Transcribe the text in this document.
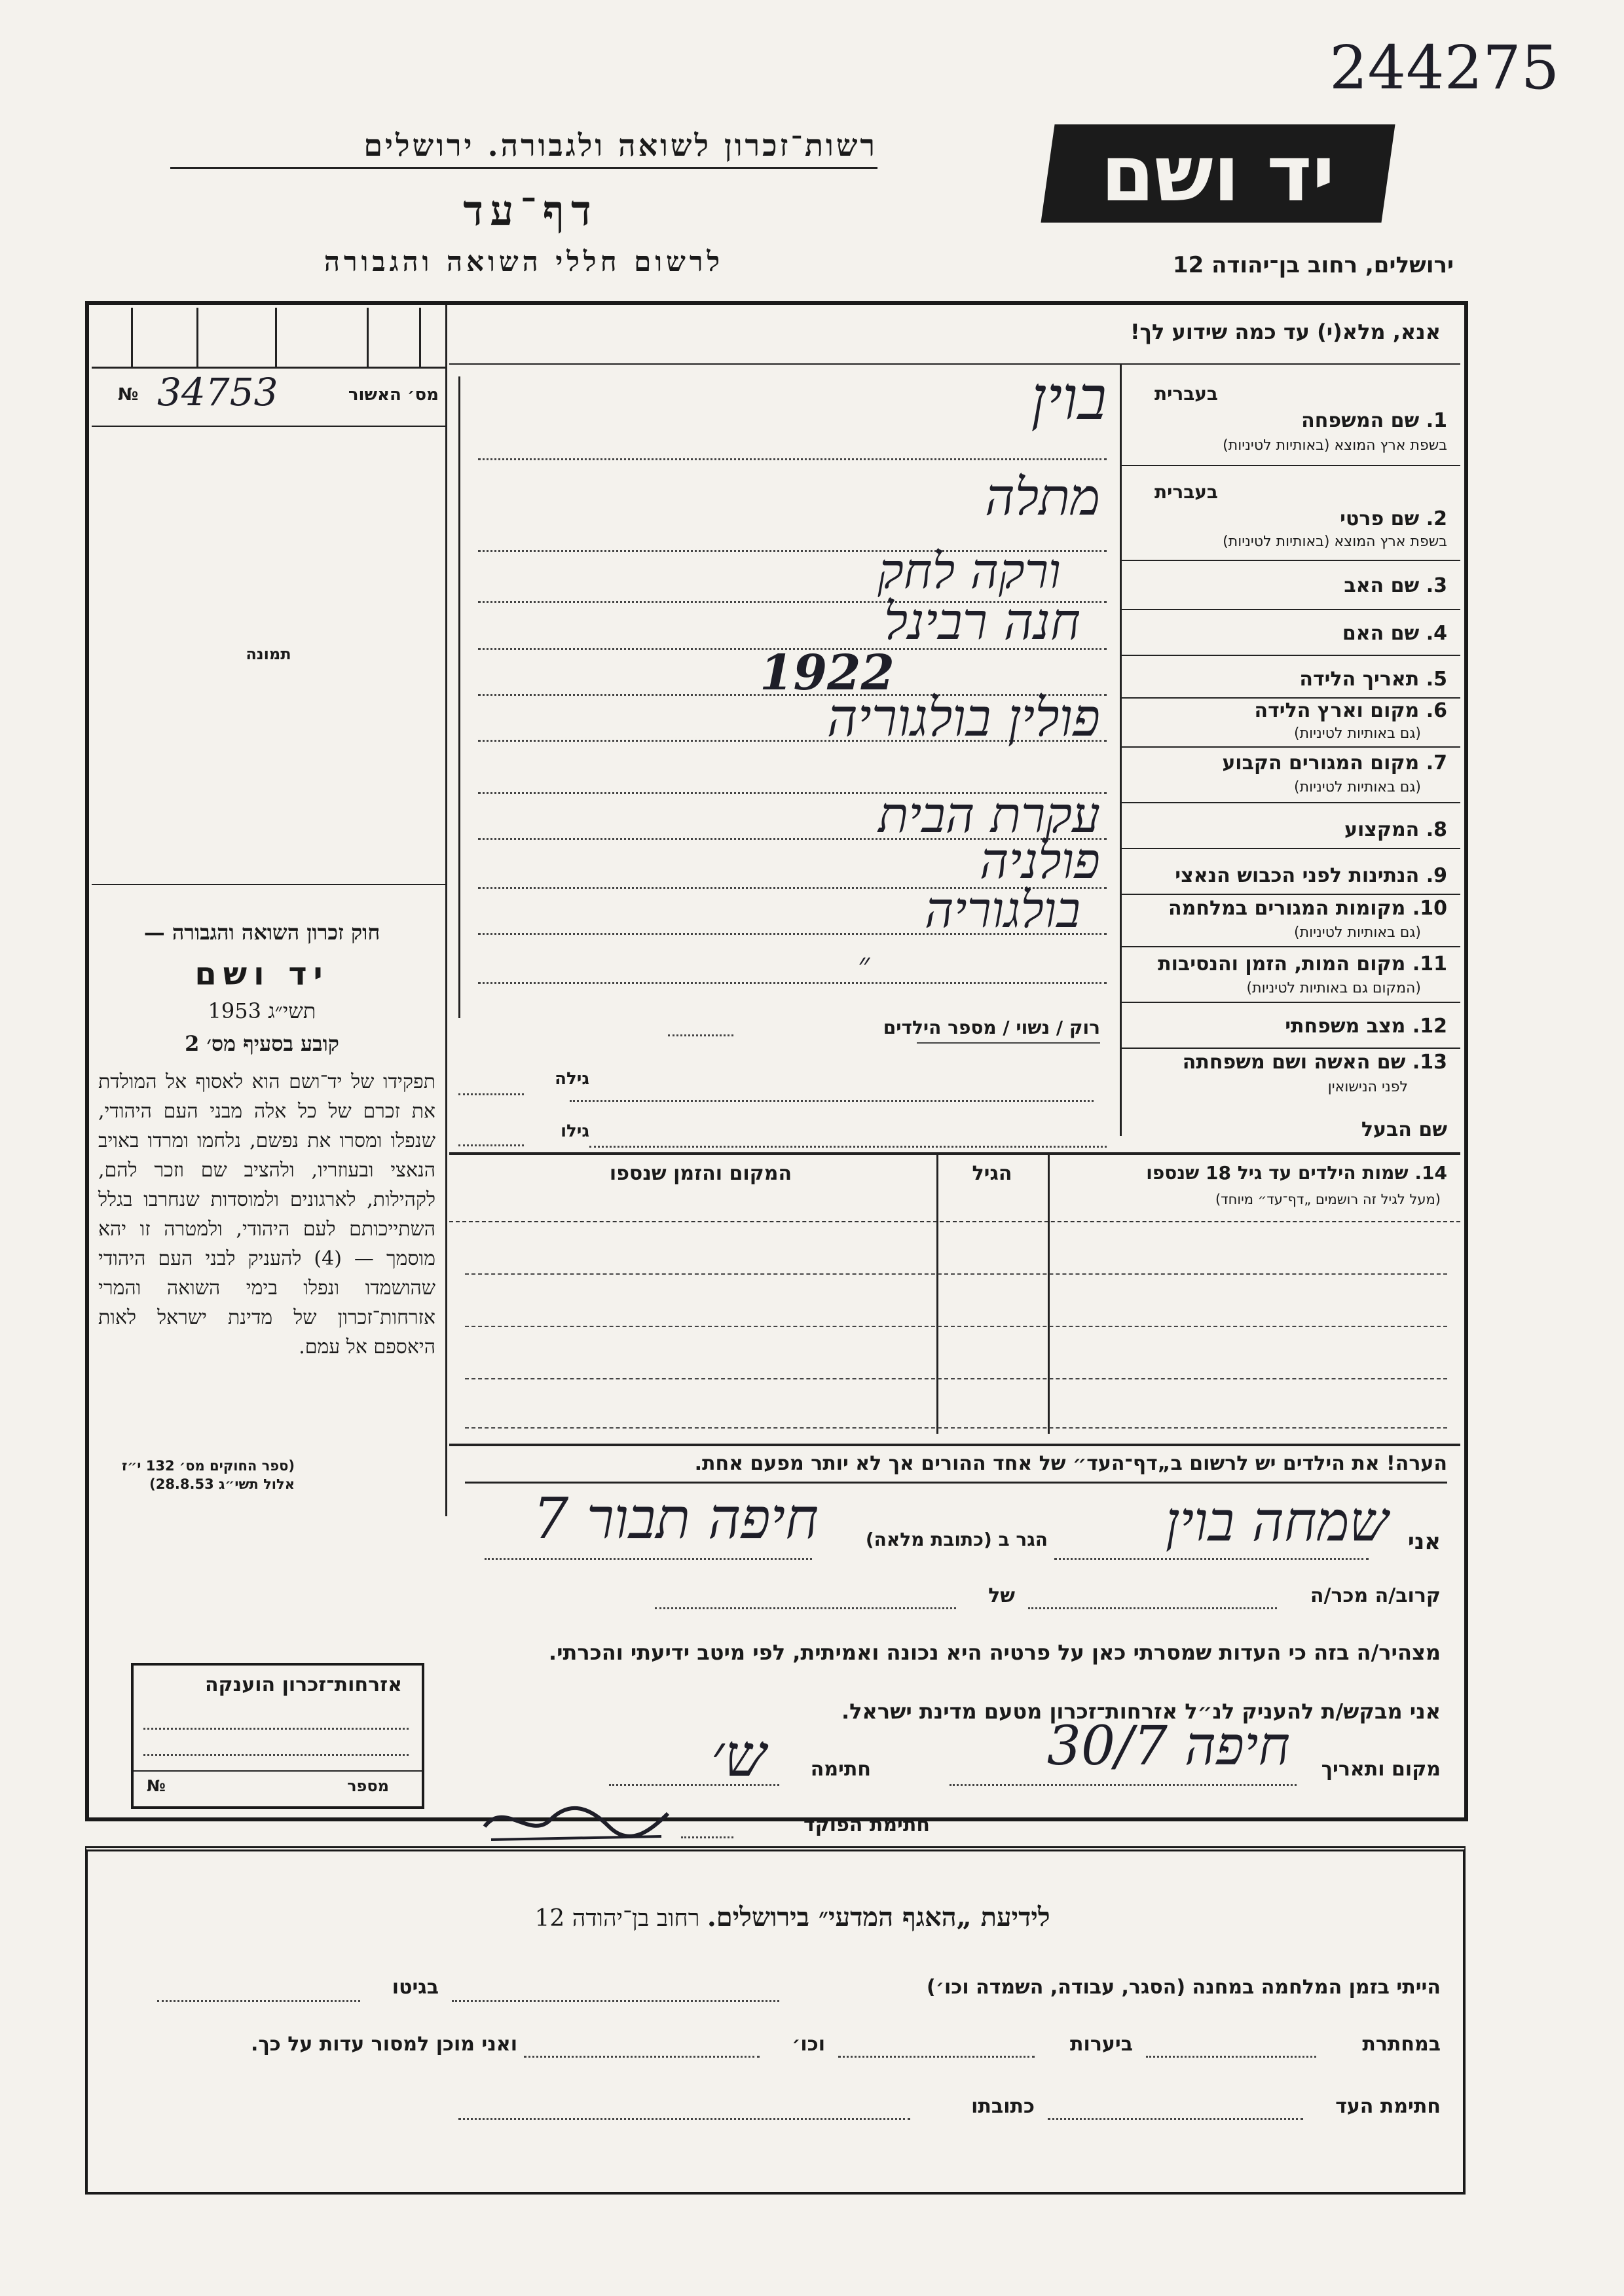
244275
יד ושם
רשות־זכרון לשואה ולגבורה. ירושלים
דף־עד
לרשום חללי השואה והגבורה	ירושלים, רחוב בן־יהודה 12
מס׳ האשור
№ 34753
תמונה
חוק זכרון השואה והגבורה —
יד ושם
תשי״ג 1953
קובע בסעיף מס׳ 2
תפקידו של יד־ושם הוא לאסוף אל המולדת את זכרם של כל אלה מבני העם היהודי, שנפלו ומסרו את נפשם, נלחמו ומרדו באויב הנאצי ובעוזריו, ולהציב שם וזכר להם, לקהילות, לארגונים ולמוסדות שנחרבו בגלל השתייכותם לעם היהודי, ולמטרה זו יהא מוסמך — (4) להעניק לבני העם היהודי שהושמדו ונפלו בימי השואה והמרי אזרחות־זכרון של מדינת ישראל לאות היאספם אל עמם.
(ספר החוקים מס׳ 132 י״ז אלול תשי״ג 28.8.53)
אזרחות־זכרון הוענקה
מספר
№
אנא, מלא(י) עד כמה שידוע לך!
בעברית
בעברית
1. שם המשפחה
בשפת ארץ המוצא (באותיות לטיניות)
2. שם פרטי
בשפת ארץ המוצא (באותיות לטיניות)
3. שם האב
4. שם האם
5. תאריך הלידה
6. מקום וארץ הלידה
(גם באותיות לטיניות)
7. מקום המגורים הקבוע
(גם באותיות לטיניות)
8. המקצוע
9. הנתינות לפני הכבוש הנאצי
10. מקומות המגורים במלחמה
(גם באותיות לטיניות)
11. מקום המות, הזמן והנסיבות
(המקום גם באותיות לטיניות)
12. מצב משפחתי
13. שם האשה ושם משפחתה
לפני הנישואין
שם הבעל
בוין
מתלה
ורקה לחק
חנה רבינל
1922
פולין בולגוריה
עקרת הבית
פולניה
בולגוריה
״
רוק / נשוי / מספר הילדים
גילה
גילו
14. שמות הילדים עד גיל 18 שנספו
(מעל לגיל זה רושמים „דף־עד״ מיוחד)
הגיל
המקום והזמן שנספו
הערה! את הילדים יש לרשום ב„דף־העד״ של אחד ההורים אך לא יותר מפעם אחת.
אני
שמחה בוין
הגר ב (כתובת מלאה)
חיפה תבור 7
קרוב/ה מכר/ה
של
מצהיר/ה בזה כי העדות שמסרתי כאן על פרטיה היא נכונה ואמיתית, לפי מיטב ידיעתי והכרתי.
אני מבקש/ת להעניק לנ״ל אזרחות־זכרון מטעם מדינת ישראל.
מקום ותאריך
חיפה 30/7
חתימה
ש׳
חתימת הפוקד
לידיעת „האגף המדעי״ בירושלים. רחוב בן־יהודה 12
הייתי בזמן המלחמה במחנה (הסגר, עבודה, השמדה וכו׳)
בגיטו
במחתרת
ביערות
וכו׳
ואני מוכן למסור עדות על כך.
חתימת העד
כתובתו
